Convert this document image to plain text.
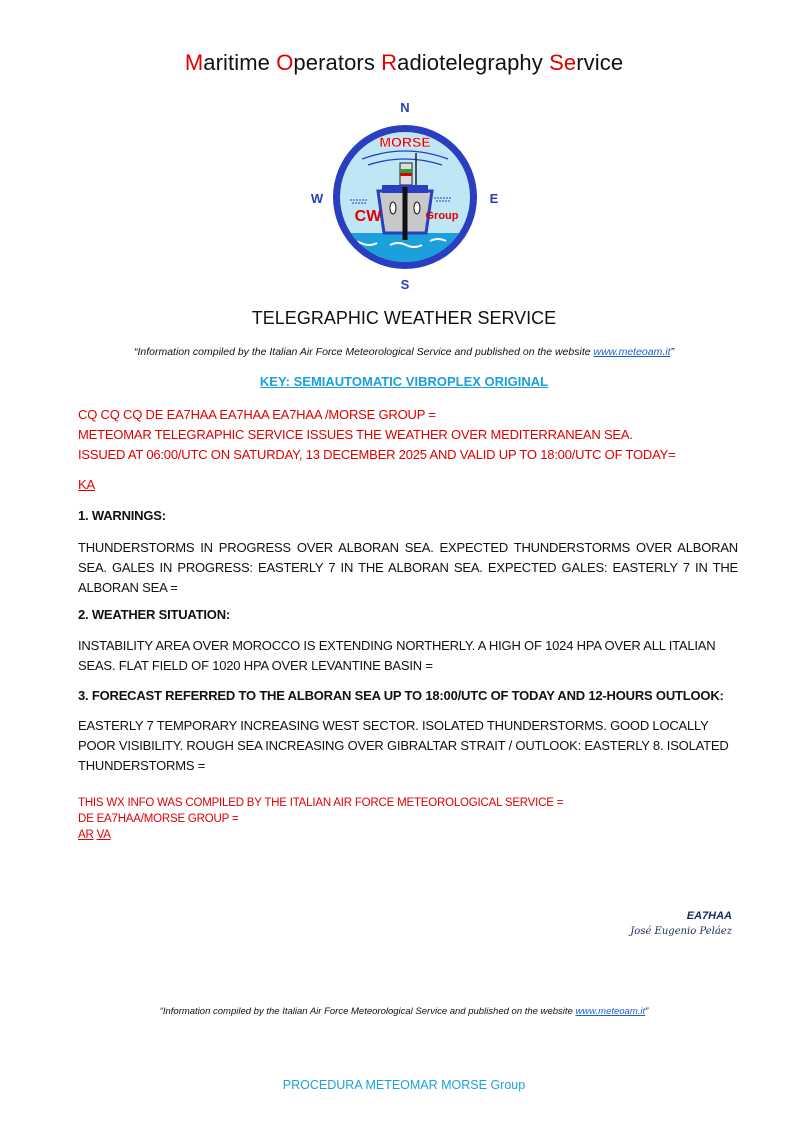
Maritime Operators Radiotelegraphy Service
N
S
W	E
MORSE
CW	Group
TELEGRAPHIC WEATHER SERVICE
“Information compiled by the Italian Air Force Meteorological Service and published on the website www.meteoam.it”
KEY: SEMIAUTOMATIC VIBROPLEX ORIGINAL
CQ CQ CQ DE EA7HAA EA7HAA EA7HAA /MORSE GROUP =
METEOMAR TELEGRAPHIC SERVICE ISSUES THE WEATHER OVER MEDITERRANEAN SEA.
ISSUED AT 06:00/UTC ON SATURDAY, 13 DECEMBER 2025 AND VALID UP TO 18:00/UTC OF TODAY=
KA
1. WARNINGS:
THUNDERSTORMS IN PROGRESS OVER ALBORAN SEA. EXPECTED THUNDERSTORMS OVER ALBORAN SEA. GALES IN PROGRESS: EASTERLY 7 IN THE ALBORAN SEA. EXPECTED GALES: EASTERLY 7 IN THE ALBORAN SEA =
2. WEATHER SITUATION:
INSTABILITY AREA OVER MOROCCO IS EXTENDING NORTHERLY. A HIGH OF 1024 HPA OVER ALL ITALIAN SEAS. FLAT FIELD OF 1020 HPA OVER LEVANTINE BASIN =
3. FORECAST REFERRED TO THE ALBORAN SEA UP TO 18:00/UTC OF TODAY AND 12-HOURS OUTLOOK:
EASTERLY 7 TEMPORARY INCREASING WEST SECTOR. ISOLATED THUNDERSTORMS. GOOD LOCALLY POOR VISIBILITY. ROUGH SEA INCREASING OVER GIBRALTAR STRAIT / OUTLOOK: EASTERLY 8. ISOLATED THUNDERSTORMS =
THIS WX INFO WAS COMPILED BY THE ITALIAN AIR FORCE METEOROLOGICAL SERVICE =
DE EA7HAA/MORSE GROUP =
AR VA
EA7HAA
José Eugenio Peláez
“Information compiled by the Italian Air Force Meteorological Service and published on the website www.meteoam.it”
PROCEDURA METEOMAR MORSE Group
